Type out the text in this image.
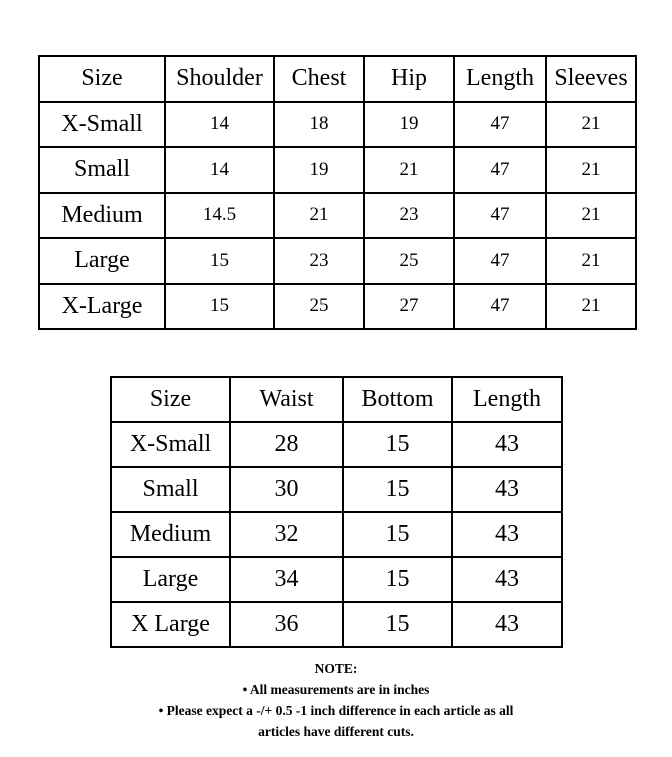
Size	Shoulder	Chest	Hip	Length	Sleeves
X-Small	14	18	19	47	21
Small	14	19	21	47	21
Medium	14.5	21	23	47	21
Large	15	23	25	47	21
X-Large	15	25	27	47	21
Size	Waist	Bottom	Length
X-Small	28	15	43
Small	30	15	43
Medium	32	15	43
Large	34	15	43
X Large	36	15	43
NOTE:
• All measurements are in inches
• Please expect a -/+ 0.5 -1 inch difference in each article as all
articles have different cuts.
